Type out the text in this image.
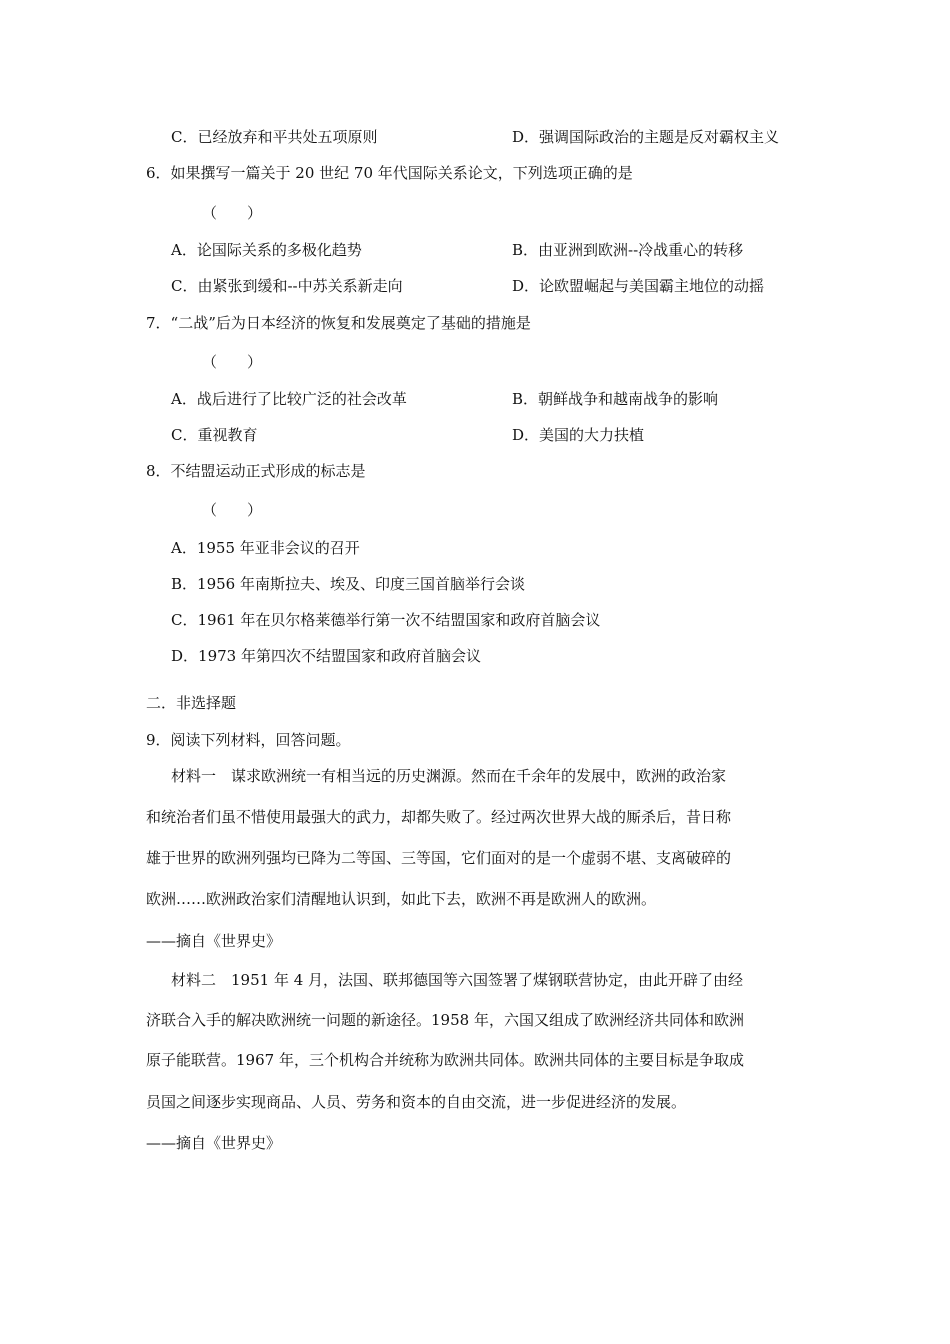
C．已经放弃和平共处五项原则	D．强调国际政治的主题是反对霸权主义
6．如果撰写一篇关于 20 世纪 70 年代国际关系论文，下列选项正确的是
（　　）
A．论国际关系的多极化趋势	B．由亚洲到欧洲--冷战重心的转移
C．由紧张到缓和--中苏关系新走向	D．论欧盟崛起与美国霸主地位的动摇
7．“二战”后为日本经济的恢复和发展奠定了基础的措施是
（　　）
A．战后进行了比较广泛的社会改革	B．朝鲜战争和越南战争的影响
C．重视教育	D．美国的大力扶植
8．不结盟运动正式形成的标志是
（　　）
A．1955 年亚非会议的召开
B．1956 年南斯拉夫、埃及、印度三国首脑举行会谈
C．1961 年在贝尔格莱德举行第一次不结盟国家和政府首脑会议
D．1973 年第四次不结盟国家和政府首脑会议
二．非选择题
9．阅读下列材料，回答问题。
材料一　谋求欧洲统一有相当远的历史渊源。然而在千余年的发展中，欧洲的政治家
和统治者们虽不惜使用最强大的武力，却都失败了。经过两次世界大战的厮杀后，昔日称
雄于世界的欧洲列强均已降为二等国、三等国，它们面对的是一个虚弱不堪、支离破碎的
欧洲……欧洲政治家们清醒地认识到，如此下去，欧洲不再是欧洲人的欧洲。
——摘自《世界史》
材料二　1951 年 4 月，法国、联邦德国等六国签署了煤钢联营协定，由此开辟了由经
济联合入手的解决欧洲统一问题的新途径。1958 年，六国又组成了欧洲经济共同体和欧洲
原子能联营。1967 年，三个机构合并统称为欧洲共同体。欧洲共同体的主要目标是争取成
员国之间逐步实现商品、人员、劳务和资本的自由交流，进一步促进经济的发展。
——摘自《世界史》
